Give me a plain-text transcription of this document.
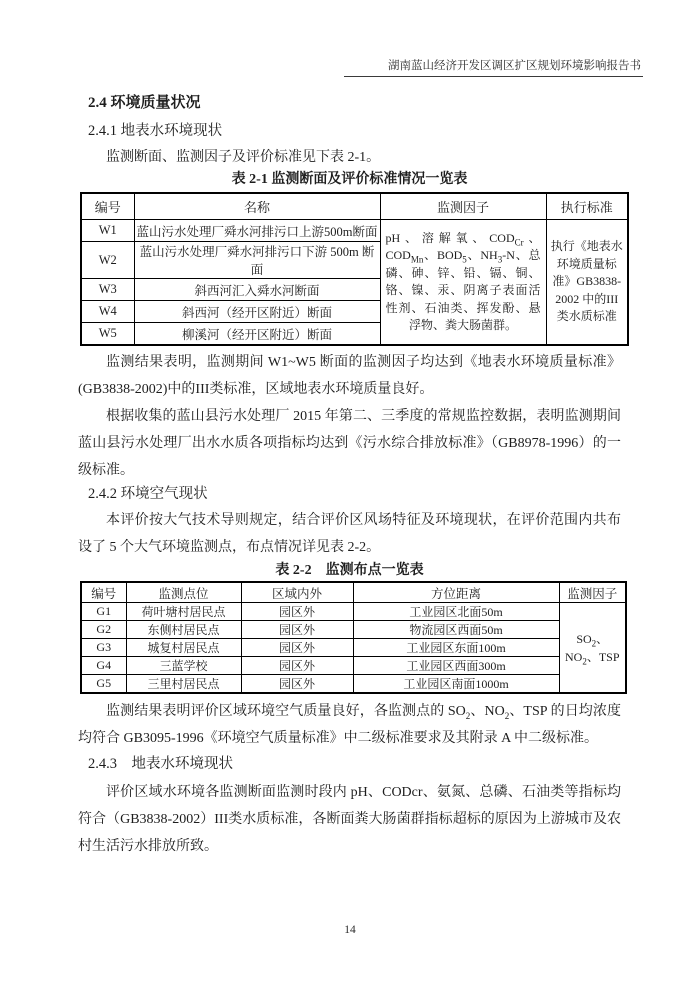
湖南蓝山经济开发区调区扩区规划环境影响报告书
2.4 环境质量状况
2.4.1 地表水环境现状

监测断面、监测因子及评价标准见下表 2-1。

表 2-1 监测断面及评价标准情况一览表
编号	名称	监测因子	执行标准
W1	蓝山污水处理厂舜水河排污口上游500m断面	pH、溶解氧、$COD_{Cr}$、$COD_{Mn}$、$BOD_5$、$NH_3-N$、总磷、砷、锌、铅、镉、铜、铬、镍、汞、阴离子表面活性剂、石油类、挥发酚、悬浮物、粪大肠菌群。	执行《地表水环境质量标准》GB3838-2002 中的III类水质标准
W2	蓝山污水处理厂舜水河排污口下游 500m 断面		
W3	斜西河汇入舜水河断面		
W4	斜西河（经开区附近）断面		
W5	柳溪河（经开区附近）断面		

监测结果表明，监测期间 W1~W5 断面的监测因子均达到《地表水环境质量标准》(GB3838-2002)中的III类标准，区域地表水环境质量良好。

根据收集的蓝山县污水处理厂 2015 年第二、三季度的常规监控数据，表明监测期间蓝山县污水处理厂出水水质各项指标均达到《污水综合排放标准》（GB8978-1996）的一级标准。

2.4.2 环境空气现状

本评价按大气技术导则规定，结合评价区风场特征及环境现状，在评价范围内共布设了 5 个大气环境监测点，布点情况详见表 2-2。

表 2-2　监测布点一览表
编号	监测点位	区域内外	方位距离	监测因子
G1	荷叶塘村居民点	园区外	工业园区北面50m	$SO_2$、$NO_2$、TSP
G2	东侧村居民点	园区外	物流园区西面50m	
G3	城复村居民点	园区外	工业园区东面100m	
G4	三蓝学校	园区外	工业园区西面300m	
G5	三里村居民点	园区外	工业园区南面1000m	

监测结果表明评价区域环境空气质量良好，各监测点的 $SO_2$、$NO_2$、TSP 的日均浓度均符合 GB3095-1996《环境空气质量标准》中二级标准要求及其附录 A 中二级标准。

2.4.3　地表水环境现状

评价区域水环境各监测断面监测时段内 pH、CODcr、氨氮、总磷、石油类等指标均符合（GB3838-2002）III类水质标准，各断面粪大肠菌群指标超标的原因为上游城市及农村生活污水排放所致。

14
